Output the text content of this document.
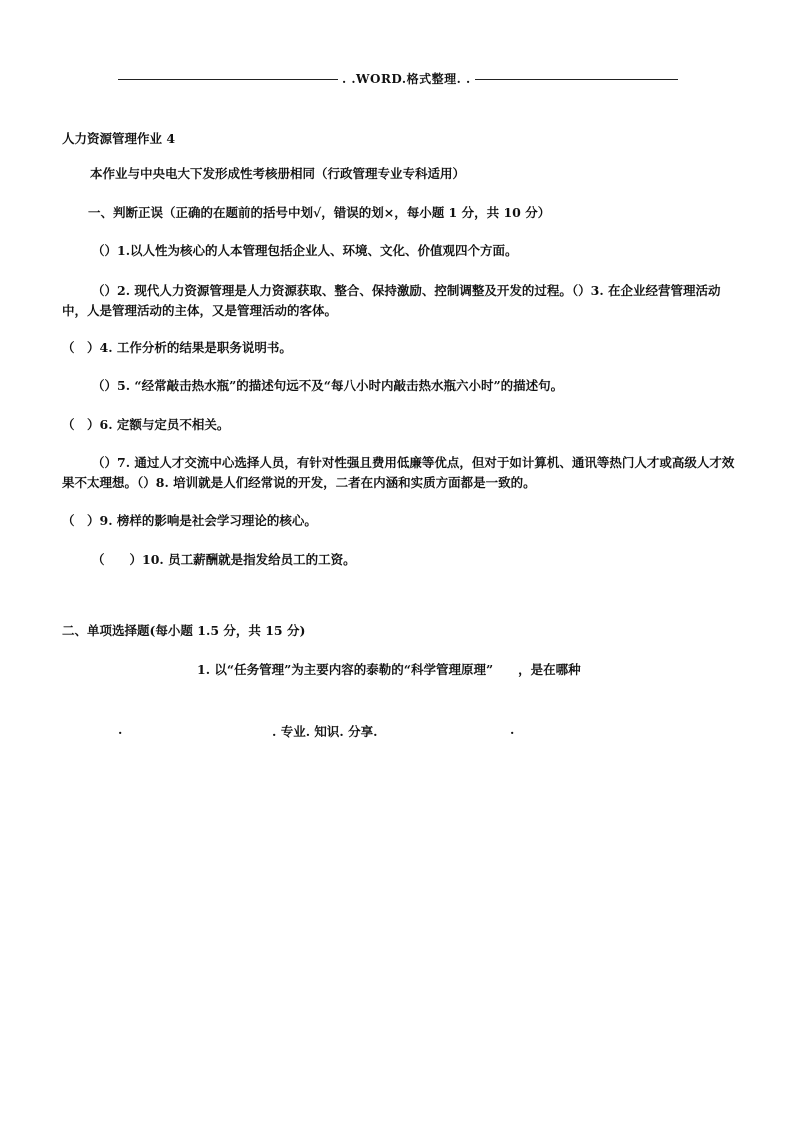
. .WORD.格式整理. .
人力资源管理作业 4
本作业与中央电大下发形成性考核册相同（行政管理专业专科适用）
一、判断正误（正确的在题前的括号中划√，错误的划×，每小题 1 分，共 10 分）
（）1.以人性为核心的人本管理包括企业人、环境、文化、价值观四个方面。
（）2. 现代人力资源管理是人力资源获取、整合、保持激励、控制调整及开发的过程。（）3. 在企业经营管理活动中，人是管理活动的主体，又是管理活动的客体。
（　）4. 工作分析的结果是职务说明书。
（）5. “经常敲击热水瓶”的描述句远不及“每八小时内敲击热水瓶六小时”的描述句。
（　）6. 定额与定员不相关。
（）7. 通过人才交流中心选择人员，有针对性强且费用低廉等优点，但对于如计算机、通讯等热门人才或高级人才效果不太理想。（）8. 培训就是人们经常说的开发，二者在内涵和实质方面都是一致的。
（　）9. 榜样的影响是社会学习理论的核心。
（　　）10. 员工薪酬就是指发给员工的工资。
二、单项选择题(每小题 1.5 分，共 15 分)
1. 以“任务管理”为主要内容的泰勒的“科学管理原理”　　，是在哪种
.	. 专业. 知识. 分享.	.
